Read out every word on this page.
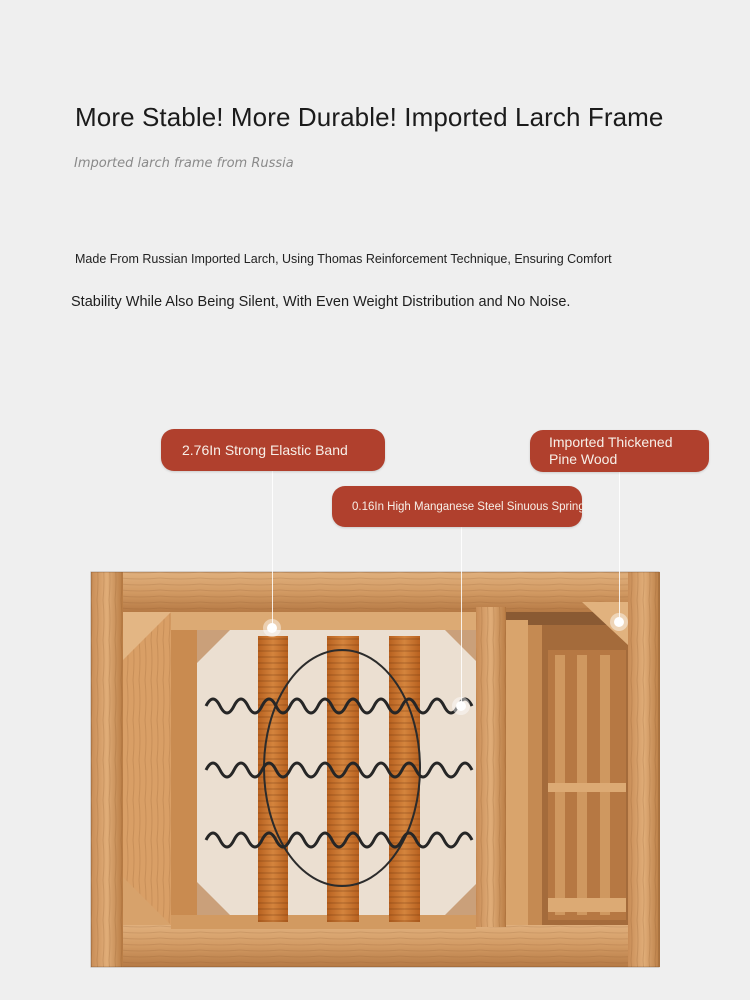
More Stable! More Durable! Imported Larch Frame
Imported larch frame from Russia
Made From Russian Imported Larch, Using Thomas Reinforcement Technique, Ensuring Comfort
Stability While Also Being Silent, With Even Weight Distribution and No Noise.
2.76In Strong Elastic Band	Imported Thickened Pine Wood
0.16In High Manganese Steel Sinuous Spring
